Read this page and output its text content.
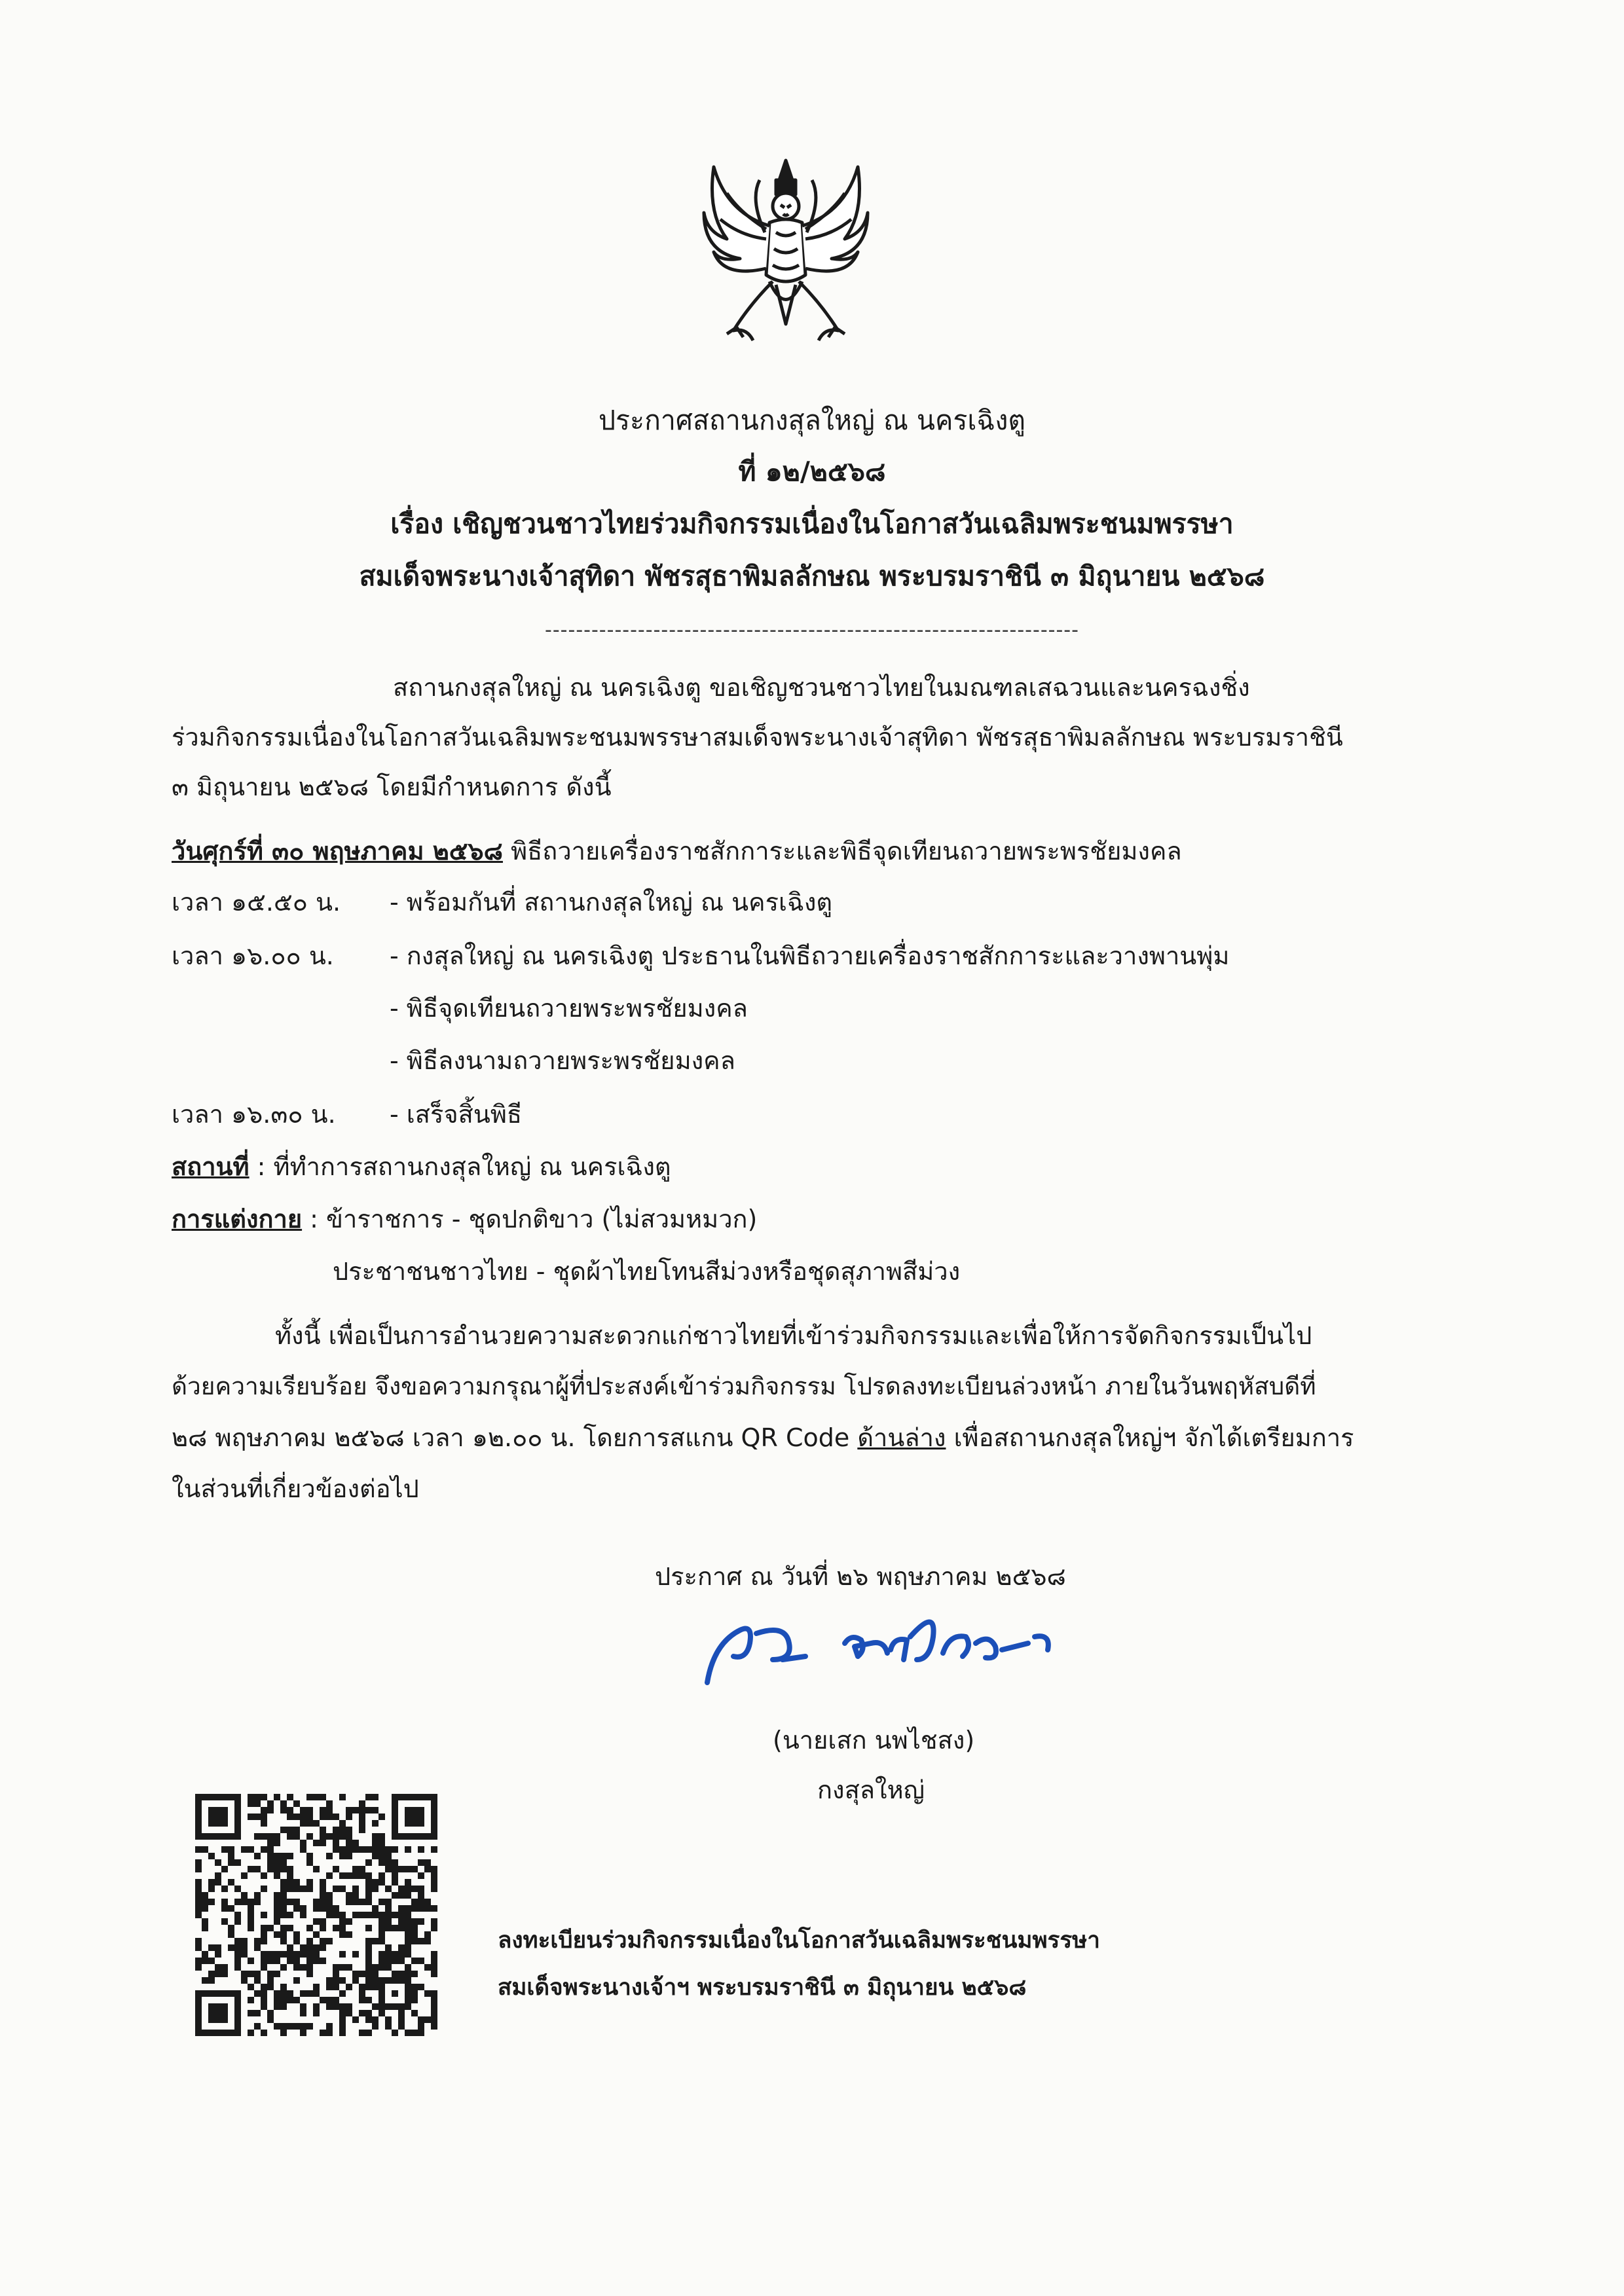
ประกาศสถานกงสุลใหญ่ ณ นครเฉิงตู
ที่ ๑๒/๒๕๖๘
เรื่อง เชิญชวนชาวไทยร่วมกิจกรรมเนื่องในโอกาสวันเฉลิมพระชนมพรรษา
สมเด็จพระนางเจ้าสุทิดา พัชรสุธาพิมลลักษณ พระบรมราชินี ๓ มิถุนายน ๒๕๖๘
---------------------------------------------------------------------
สถานกงสุลใหญ่ ณ นครเฉิงตู ขอเชิญชวนชาวไทยในมณฑลเสฉวนและนครฉงชิ่ง
ร่วมกิจกรรมเนื่องในโอกาสวันเฉลิมพระชนมพรรษาสมเด็จพระนางเจ้าสุทิดา พัชรสุธาพิมลลักษณ พระบรมราชินี
๓ มิถุนายน ๒๕๖๘ โดยมีกำหนดการ ดังนี้
วันศุกร์ที่ ๓๐ พฤษภาคม ๒๕๖๘ พิธีถวายเครื่องราชสักการะและพิธีจุดเทียนถวายพระพรชัยมงคล
เวลา ๑๕.๕๐ น. - พร้อมกันที่ สถานกงสุลใหญ่ ณ นครเฉิงตู
เวลา ๑๖.๐๐ น. - กงสุลใหญ่ ณ นครเฉิงตู ประธานในพิธีถวายเครื่องราชสักการะและวางพานพุ่ม
- พิธีจุดเทียนถวายพระพรชัยมงคล
- พิธีลงนามถวายพระพรชัยมงคล
เวลา ๑๖.๓๐ น. - เสร็จสิ้นพิธี
สถานที่ : ที่ทำการสถานกงสุลใหญ่ ณ นครเฉิงตู
การแต่งกาย : ข้าราชการ - ชุดปกติขาว (ไม่สวมหมวก)
ประชาชนชาวไทย - ชุดผ้าไทยโทนสีม่วงหรือชุดสุภาพสีม่วง
ทั้งนี้ เพื่อเป็นการอำนวยความสะดวกแก่ชาวไทยที่เข้าร่วมกิจกรรมและเพื่อให้การจัดกิจกรรมเป็นไป
ด้วยความเรียบร้อย จึงขอความกรุณาผู้ที่ประสงค์เข้าร่วมกิจกรรม โปรดลงทะเบียนล่วงหน้า ภายในวันพฤหัสบดีที่
๒๘ พฤษภาคม ๒๕๖๘ เวลา ๑๒.๐๐ น. โดยการสแกน QR Code ด้านล่าง เพื่อสถานกงสุลใหญ่ฯ จักได้เตรียมการ
ในส่วนที่เกี่ยวข้องต่อไป
ประกาศ ณ วันที่ ๒๖ พฤษภาคม ๒๕๖๘
(นายเสก นพไชสง)
กงสุลใหญ่
ลงทะเบียนร่วมกิจกรรมเนื่องในโอกาสวันเฉลิมพระชนมพรรษา
สมเด็จพระนางเจ้าฯ พระบรมราชินี ๓ มิถุนายน ๒๕๖๘
